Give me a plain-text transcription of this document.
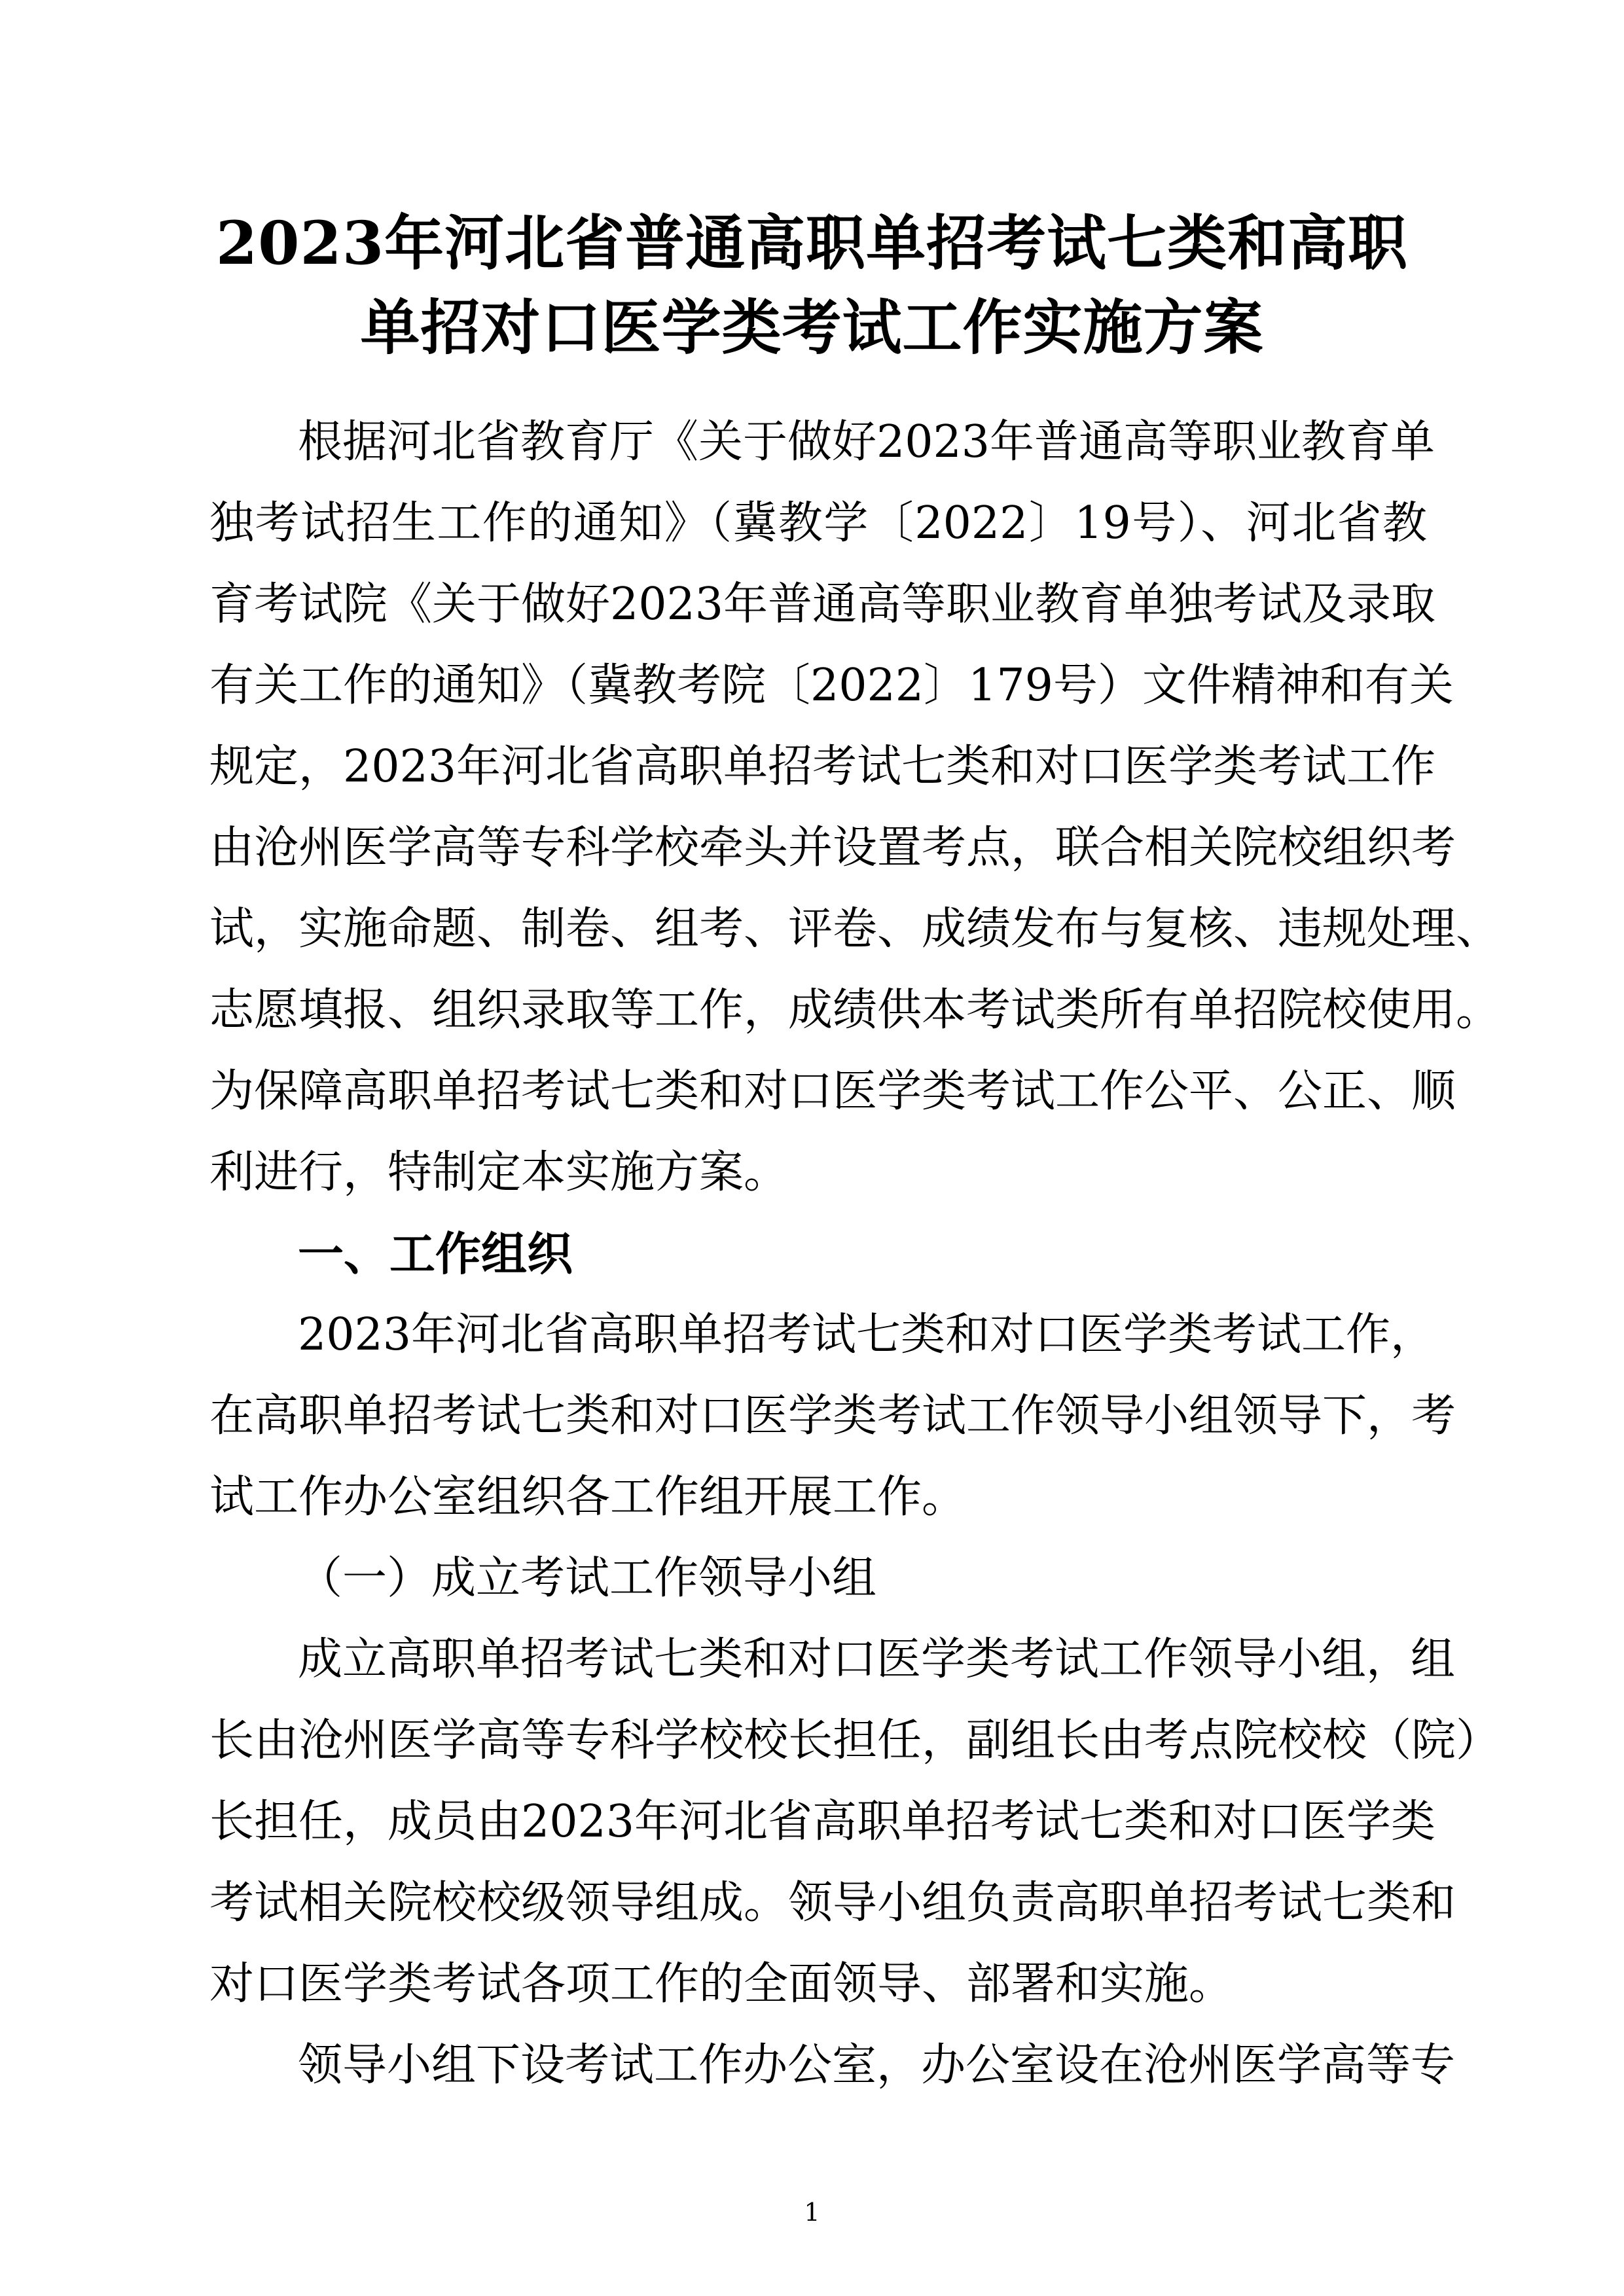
2023年河北省普通高职单招考试七类和高职
单招对口医学类考试工作实施方案
根据河北省教育厅《关于做好2023年普通高等职业教育单
独考试招生工作的通知》（冀教学〔2022〕19号）、河北省教
育考试院《关于做好2023年普通高等职业教育单独考试及录取
有关工作的通知》（冀教考院〔2022〕179号）文件精神和有关
规定，2023年河北省高职单招考试七类和对口医学类考试工作
由沧州医学高等专科学校牵头并设置考点，联合相关院校组织考
试，实施命题、制卷、组考、评卷、成绩发布与复核、违规处理、
志愿填报、组织录取等工作，成绩供本考试类所有单招院校使用。
为保障高职单招考试七类和对口医学类考试工作公平、公正、顺
利进行，特制定本实施方案。
一、工作组织
2023年河北省高职单招考试七类和对口医学类考试工作，
在高职单招考试七类和对口医学类考试工作领导小组领导下，考
试工作办公室组织各工作组开展工作。
（一）成立考试工作领导小组
成立高职单招考试七类和对口医学类考试工作领导小组，组
长由沧州医学高等专科学校校长担任，副组长由考点院校校（院）
长担任，成员由2023年河北省高职单招考试七类和对口医学类
考试相关院校校级领导组成。领导小组负责高职单招考试七类和
对口医学类考试各项工作的全面领导、部署和实施。
领导小组下设考试工作办公室，办公室设在沧州医学高等专
1
